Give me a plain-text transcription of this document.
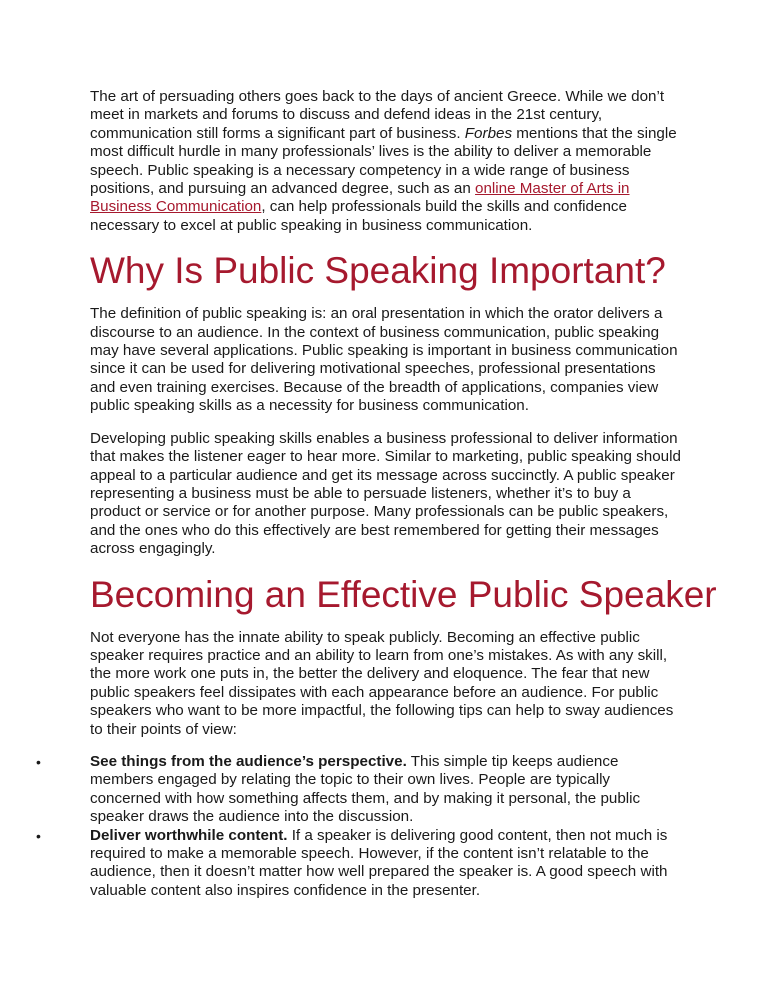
The art of persuading others goes back to the days of ancient Greece. While we don’t meet in markets and forums to discuss and defend ideas in the 21st century, communication still forms a significant part of business. Forbes mentions that the single most difficult hurdle in many professionals’ lives is the ability to deliver a memorable speech. Public speaking is a necessary competency in a wide range of business positions, and pursuing an advanced degree, such as an online Master of Arts in Business Communication, can help professionals build the skills and confidence necessary to excel at public speaking in business communication.

Why Is Public Speaking Important?

The definition of public speaking is: an oral presentation in which the orator delivers a discourse to an audience. In the context of business communication, public speaking may have several applications. Public speaking is important in business communication since it can be used for delivering motivational speeches, professional presentations and even training exercises. Because of the breadth of applications, companies view public speaking skills as a necessity for business communication.

Developing public speaking skills enables a business professional to deliver information that makes the listener eager to hear more. Similar to marketing, public speaking should appeal to a particular audience and get its message across succinctly. A public speaker representing a business must be able to persuade listeners, whether it’s to buy a product or service or for another purpose. Many professionals can be public speakers, and the ones who do this effectively are best remembered for getting their messages across engagingly.

Becoming an Effective Public Speaker

Not everyone has the innate ability to speak publicly. Becoming an effective public speaker requires practice and an ability to learn from one’s mistakes. As with any skill, the more work one puts in, the better the delivery and eloquence. The fear that new public speakers feel dissipates with each appearance before an audience. For public speakers who want to be more impactful, the following tips can help to sway audiences to their points of view:

•	See things from the audience’s perspective. This simple tip keeps audience members engaged by relating the topic to their own lives. People are typically concerned with how something affects them, and by making it personal, the public speaker draws the audience into the discussion.
•	Deliver worthwhile content. If a speaker is delivering good content, then not much is required to make a memorable speech. However, if the content isn’t relatable to the audience, then it doesn’t matter how well prepared the speaker is. A good speech with valuable content also inspires confidence in the presenter.
